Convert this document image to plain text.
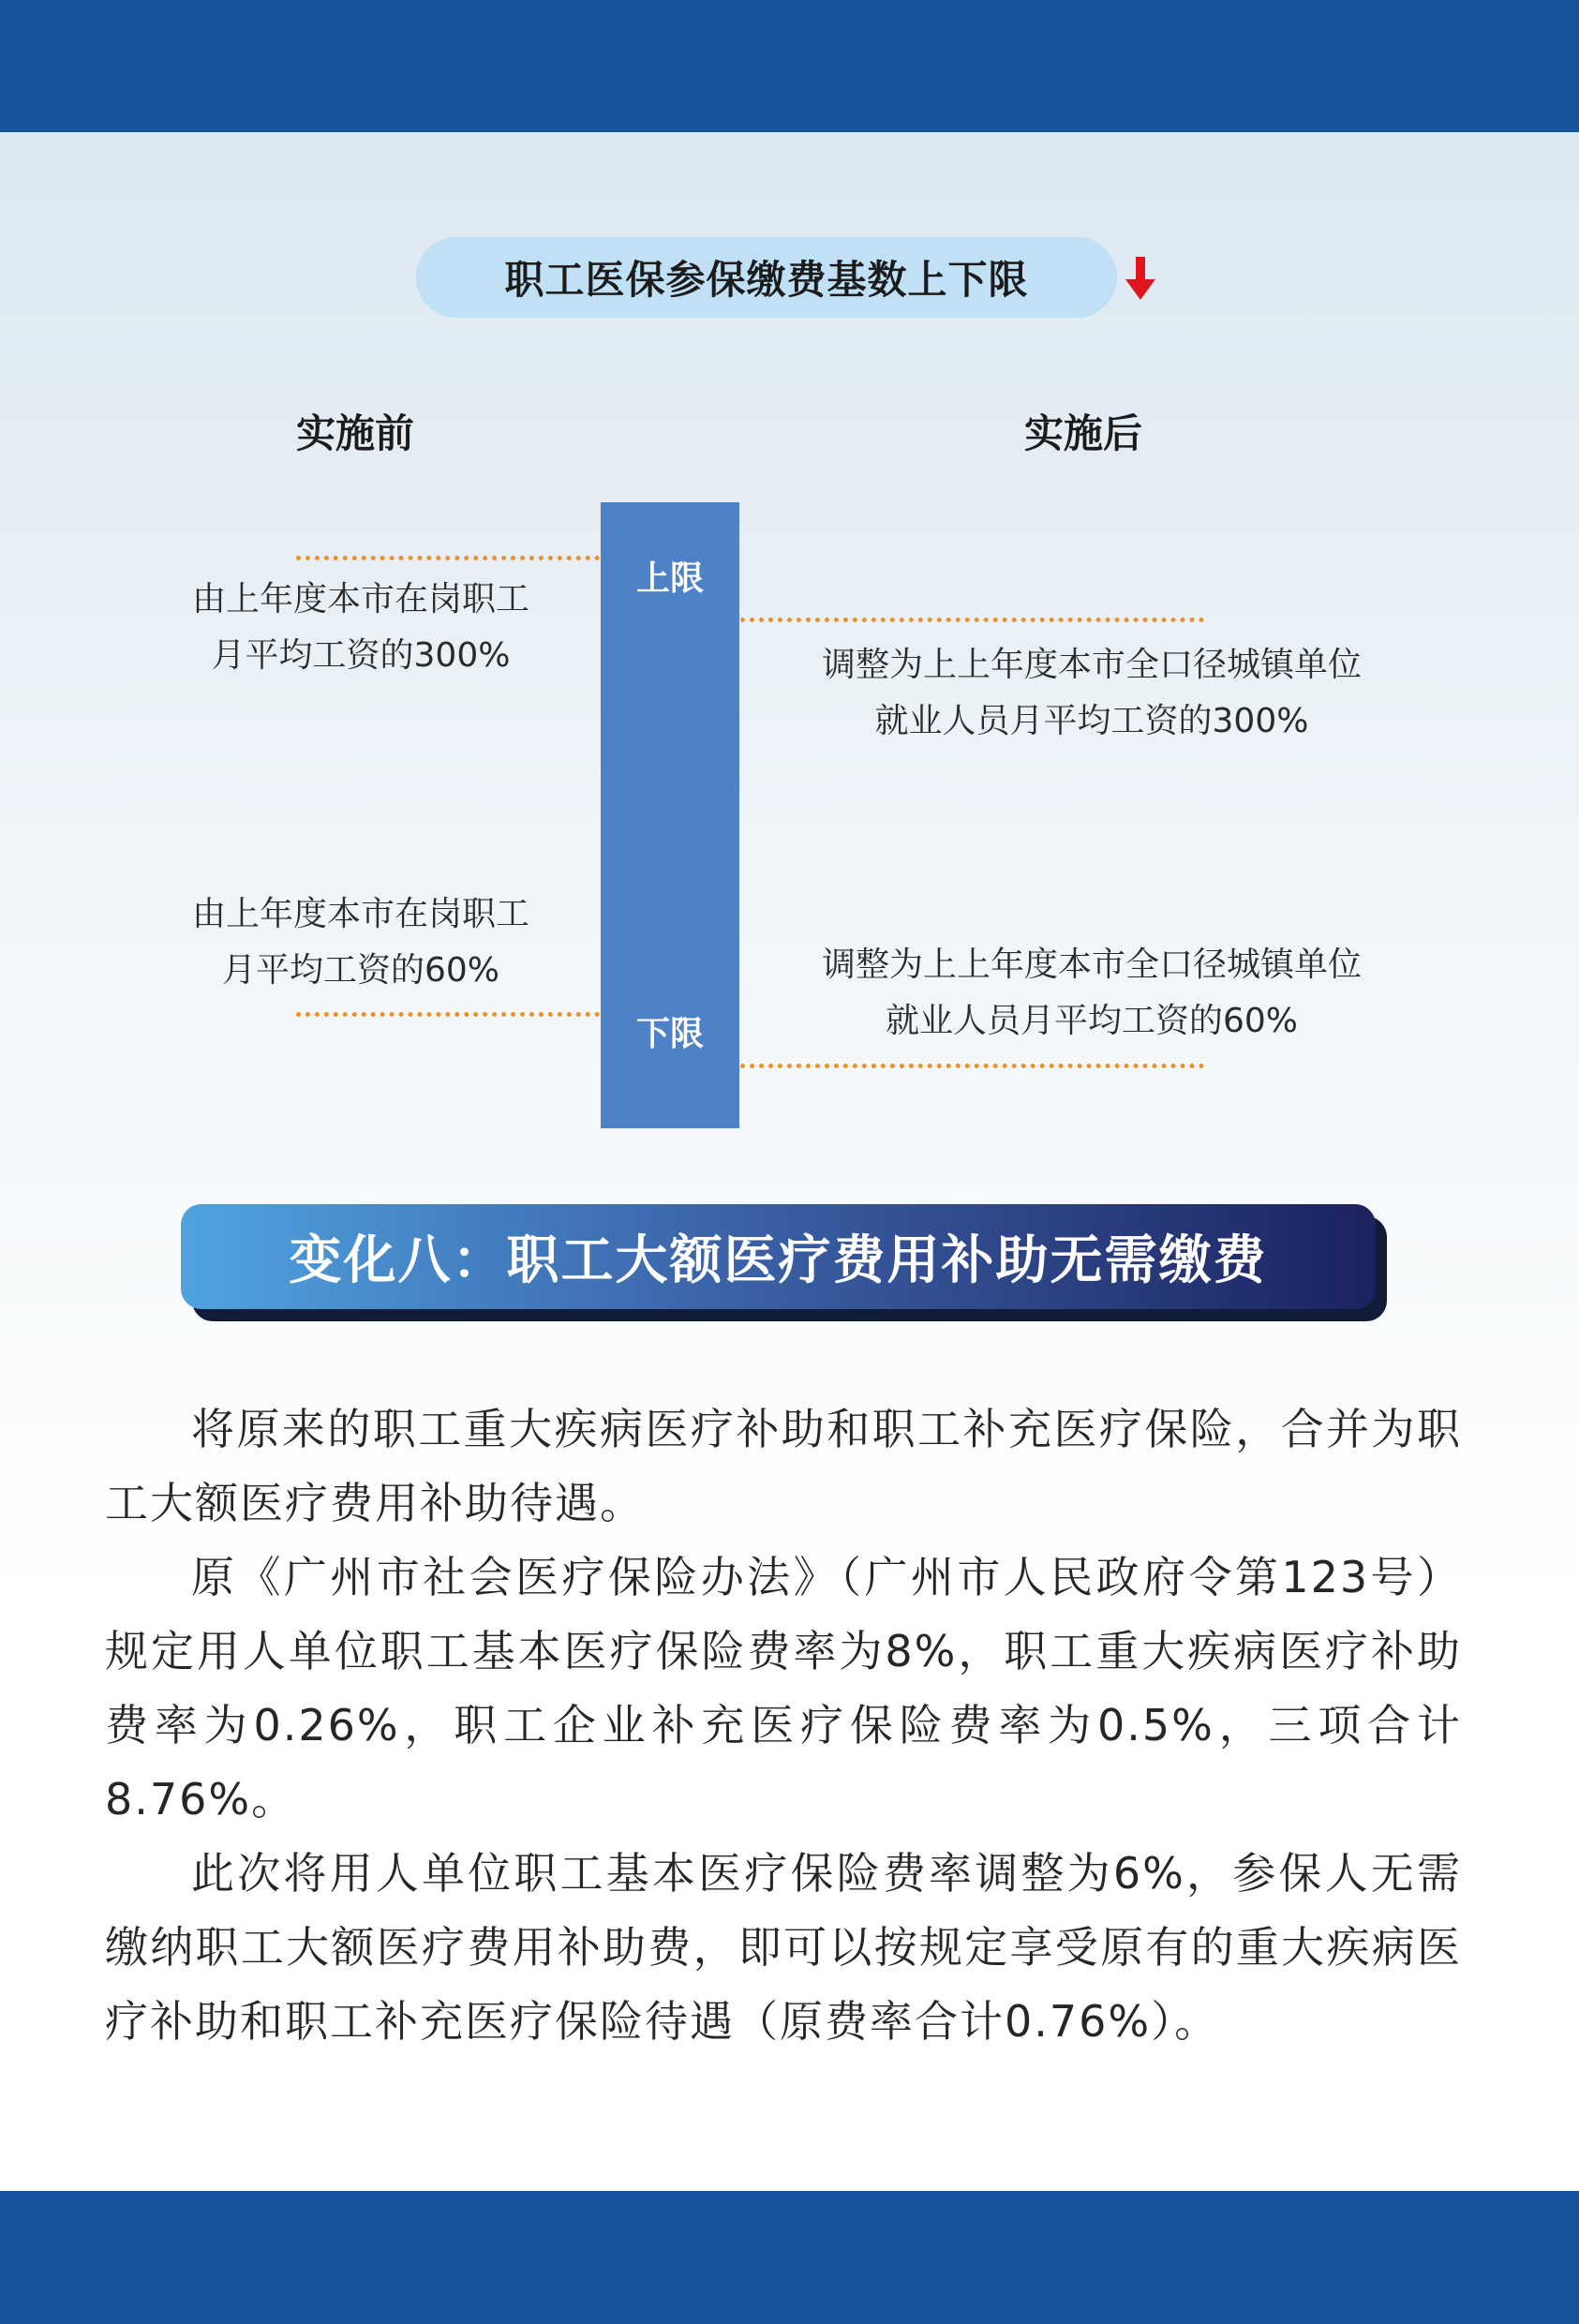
职工医保参保缴费基数上下限
实施前	实施后
上限
下限
由上年度本市在岗职工
月平均工资的300%
由上年度本市在岗职工
月平均工资的60%
调整为上上年度本市全口径城镇单位
就业人员月平均工资的300%
调整为上上年度本市全口径城镇单位
就业人员月平均工资的60%
变化八：职工大额医疗费用补助无需缴费

将原来的职工重大疾病医疗补助和职工补充医疗保险，合并为职工大额医疗费用补助待遇。

原《广州市社会医疗保险办法》（广州市人民政府令第123号）规定用人单位职工基本医疗保险费率为8%，职工重大疾病医疗补助费率为0.26%，职工企业补充医疗保险费率为0.5%，三项合计8.76%。

此次将用人单位职工基本医疗保险费率调整为6%，参保人无需缴纳职工大额医疗费用补助费，即可以按规定享受原有的重大疾病医疗补助和职工补充医疗保险待遇（原费率合计0.76%）。
